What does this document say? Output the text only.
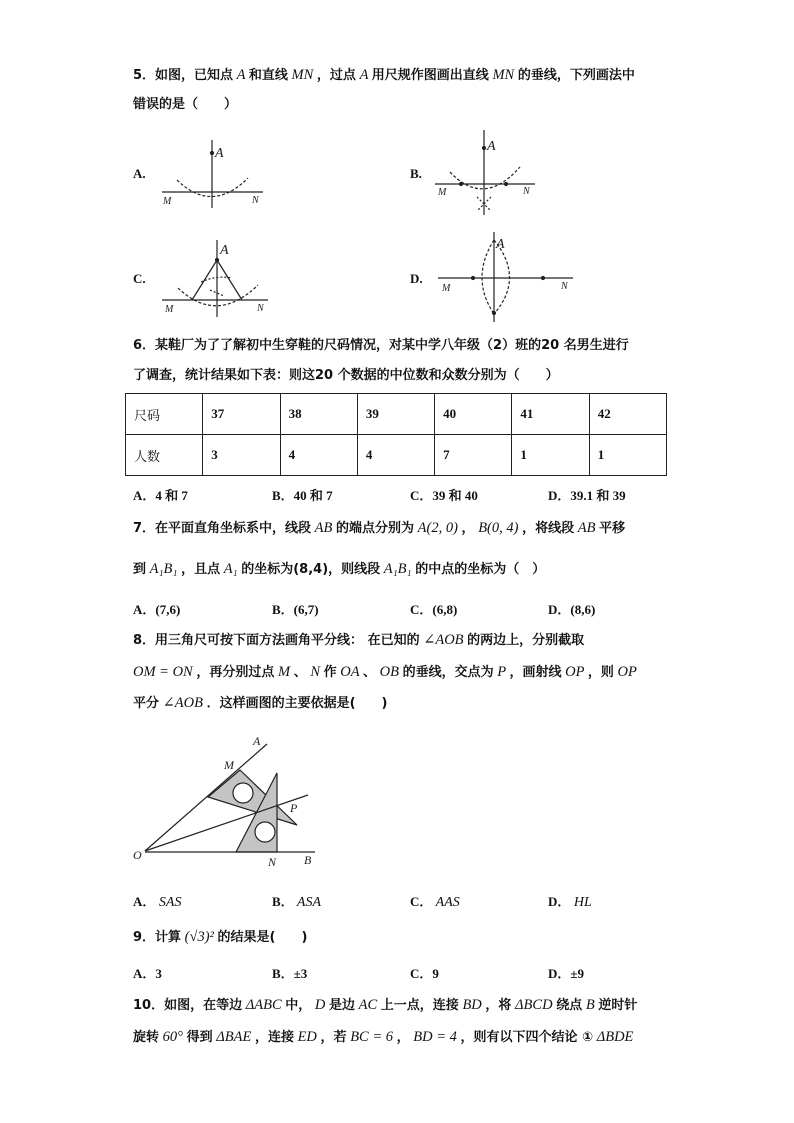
5．如图，已知点 A 和直线 MN ，过点 A 用尺规作图画出直线 MN 的垂线，下列画法中
错误的是（　　）
A.	B.
C.	D.
A
M	N
A
M	N
A
M	N
A
M	N
A
M
P
O	N B
6．某鞋厂为了了解初中生穿鞋的尺码情况，对某中学八年级（2）班的20 名男生进行
了调查，统计结果如下表：则这20 个数据的中位数和众数分别为（　　）
尺码	37	38	39	40	41	42
人数	3	4	4	7	1	1
A．4 和 7	B．40 和 7	C．39 和 40	D．39.1 和 39
7．在平面直角坐标系中，线段 AB 的端点分别为 A(2, 0) ， B(0, 4) ，将线段 AB 平移
到 A₁B₁ ，且点 A₁ 的坐标为(8,4)，则线段 A₁B₁ 的中点的坐标为（　）
A．(7,6)	B．(6,7)	C．(6,8)	D．(8,6)
8．用三角尺可按下面方法画角平分线： 在已知的 ∠AOB 的两边上，分别截取
OM = ON ，再分别过点 M 、 N 作 OA 、 OB 的垂线，交点为 P ，画射线 OP ，则 OP
平分 ∠AOB ．这样画图的主要依据是(　　)
A． SAS	B． ASA	C． AAS	D． HL
9．计算 (√3)² 的结果是(　　)
A．3	B．±3	C．9	D．±9
10．如图，在等边 ΔABC 中， D 是边 AC 上一点，连接 BD ，将 ΔBCD 绕点 B 逆时针
旋转 60° 得到 ΔBAE ，连接 ED ，若 BC = 6 ， BD = 4 ，则有以下四个结论 ① ΔBDE
